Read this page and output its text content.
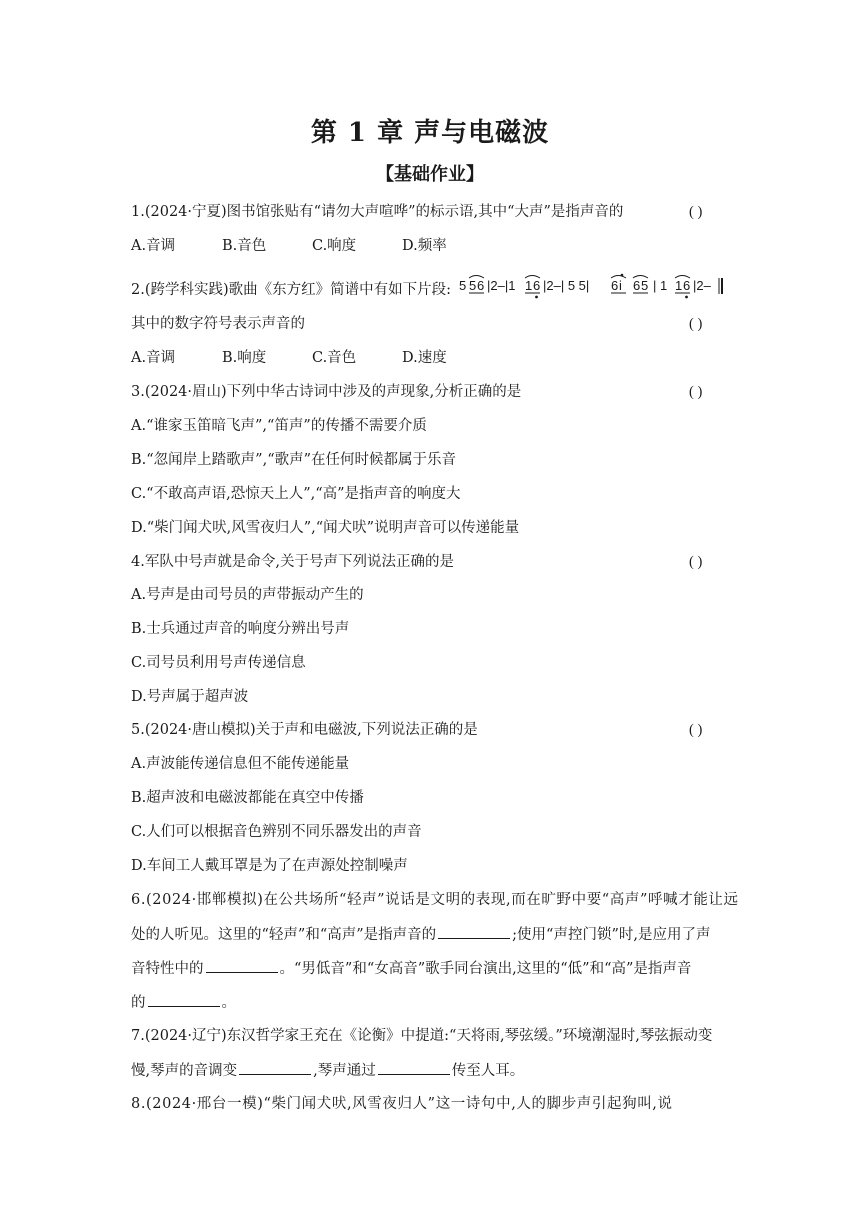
第 1 章 声与电磁波
【基础作业】
1.(2024·宁夏)图书馆张贴有“请勿大声喧哗”的标示语,其中“大声”是指声音的	( )
A.音调	B.音色	C.响度	D.频率
2.(跨学科实践)歌曲《东方红》简谱中有如下片段: 5 5 6 |2–|1 1 6 |2–| 5 5| 6 i 6 5 | 1 1 6 |2–
其中的数字符号表示声音的	( )
A.音调	B.响度	C.音色	D.速度
3.(2024·眉山)下列中华古诗词中涉及的声现象,分析正确的是	( )
A.“谁家玉笛暗飞声”,“笛声”的传播不需要介质
B.“忽闻岸上踏歌声”,“歌声”在任何时候都属于乐音
C.“不敢高声语,恐惊天上人”,“高”是指声音的响度大
D.“柴门闻犬吠,风雪夜归人”,“闻犬吠”说明声音可以传递能量
4.军队中号声就是命令,关于号声下列说法正确的是	( )
A.号声是由司号员的声带振动产生的
B.士兵通过声音的响度分辨出号声
C.司号员利用号声传递信息
D.号声属于超声波
5.(2024·唐山模拟)关于声和电磁波,下列说法正确的是	( )
A.声波能传递信息但不能传递能量
B.超声波和电磁波都能在真空中传播
C.人们可以根据音色辨别不同乐器发出的声音
D.车间工人戴耳罩是为了在声源处控制噪声
6.(2024·邯郸模拟)在公共场所“轻声”说话是文明的表现,而在旷野中要“高声”呼喊才能让远
处的人听见。这里的“轻声”和“高声”是指声音的	;使用“声控门锁”时,是应用了声
音特性中的	。“男低音”和“女高音”歌手同台演出,这里的“低”和“高”是指声音
的	。
7.(2024·辽宁)东汉哲学家王充在《论衡》中提道:“天将雨,琴弦缓。”环境潮湿时,琴弦振动变
慢,琴声的音调变	,琴声通过	传至人耳。
8.(2024·邢台一模)“柴门闻犬吠,风雪夜归人”这一诗句中,人的脚步声引起狗叫,说
